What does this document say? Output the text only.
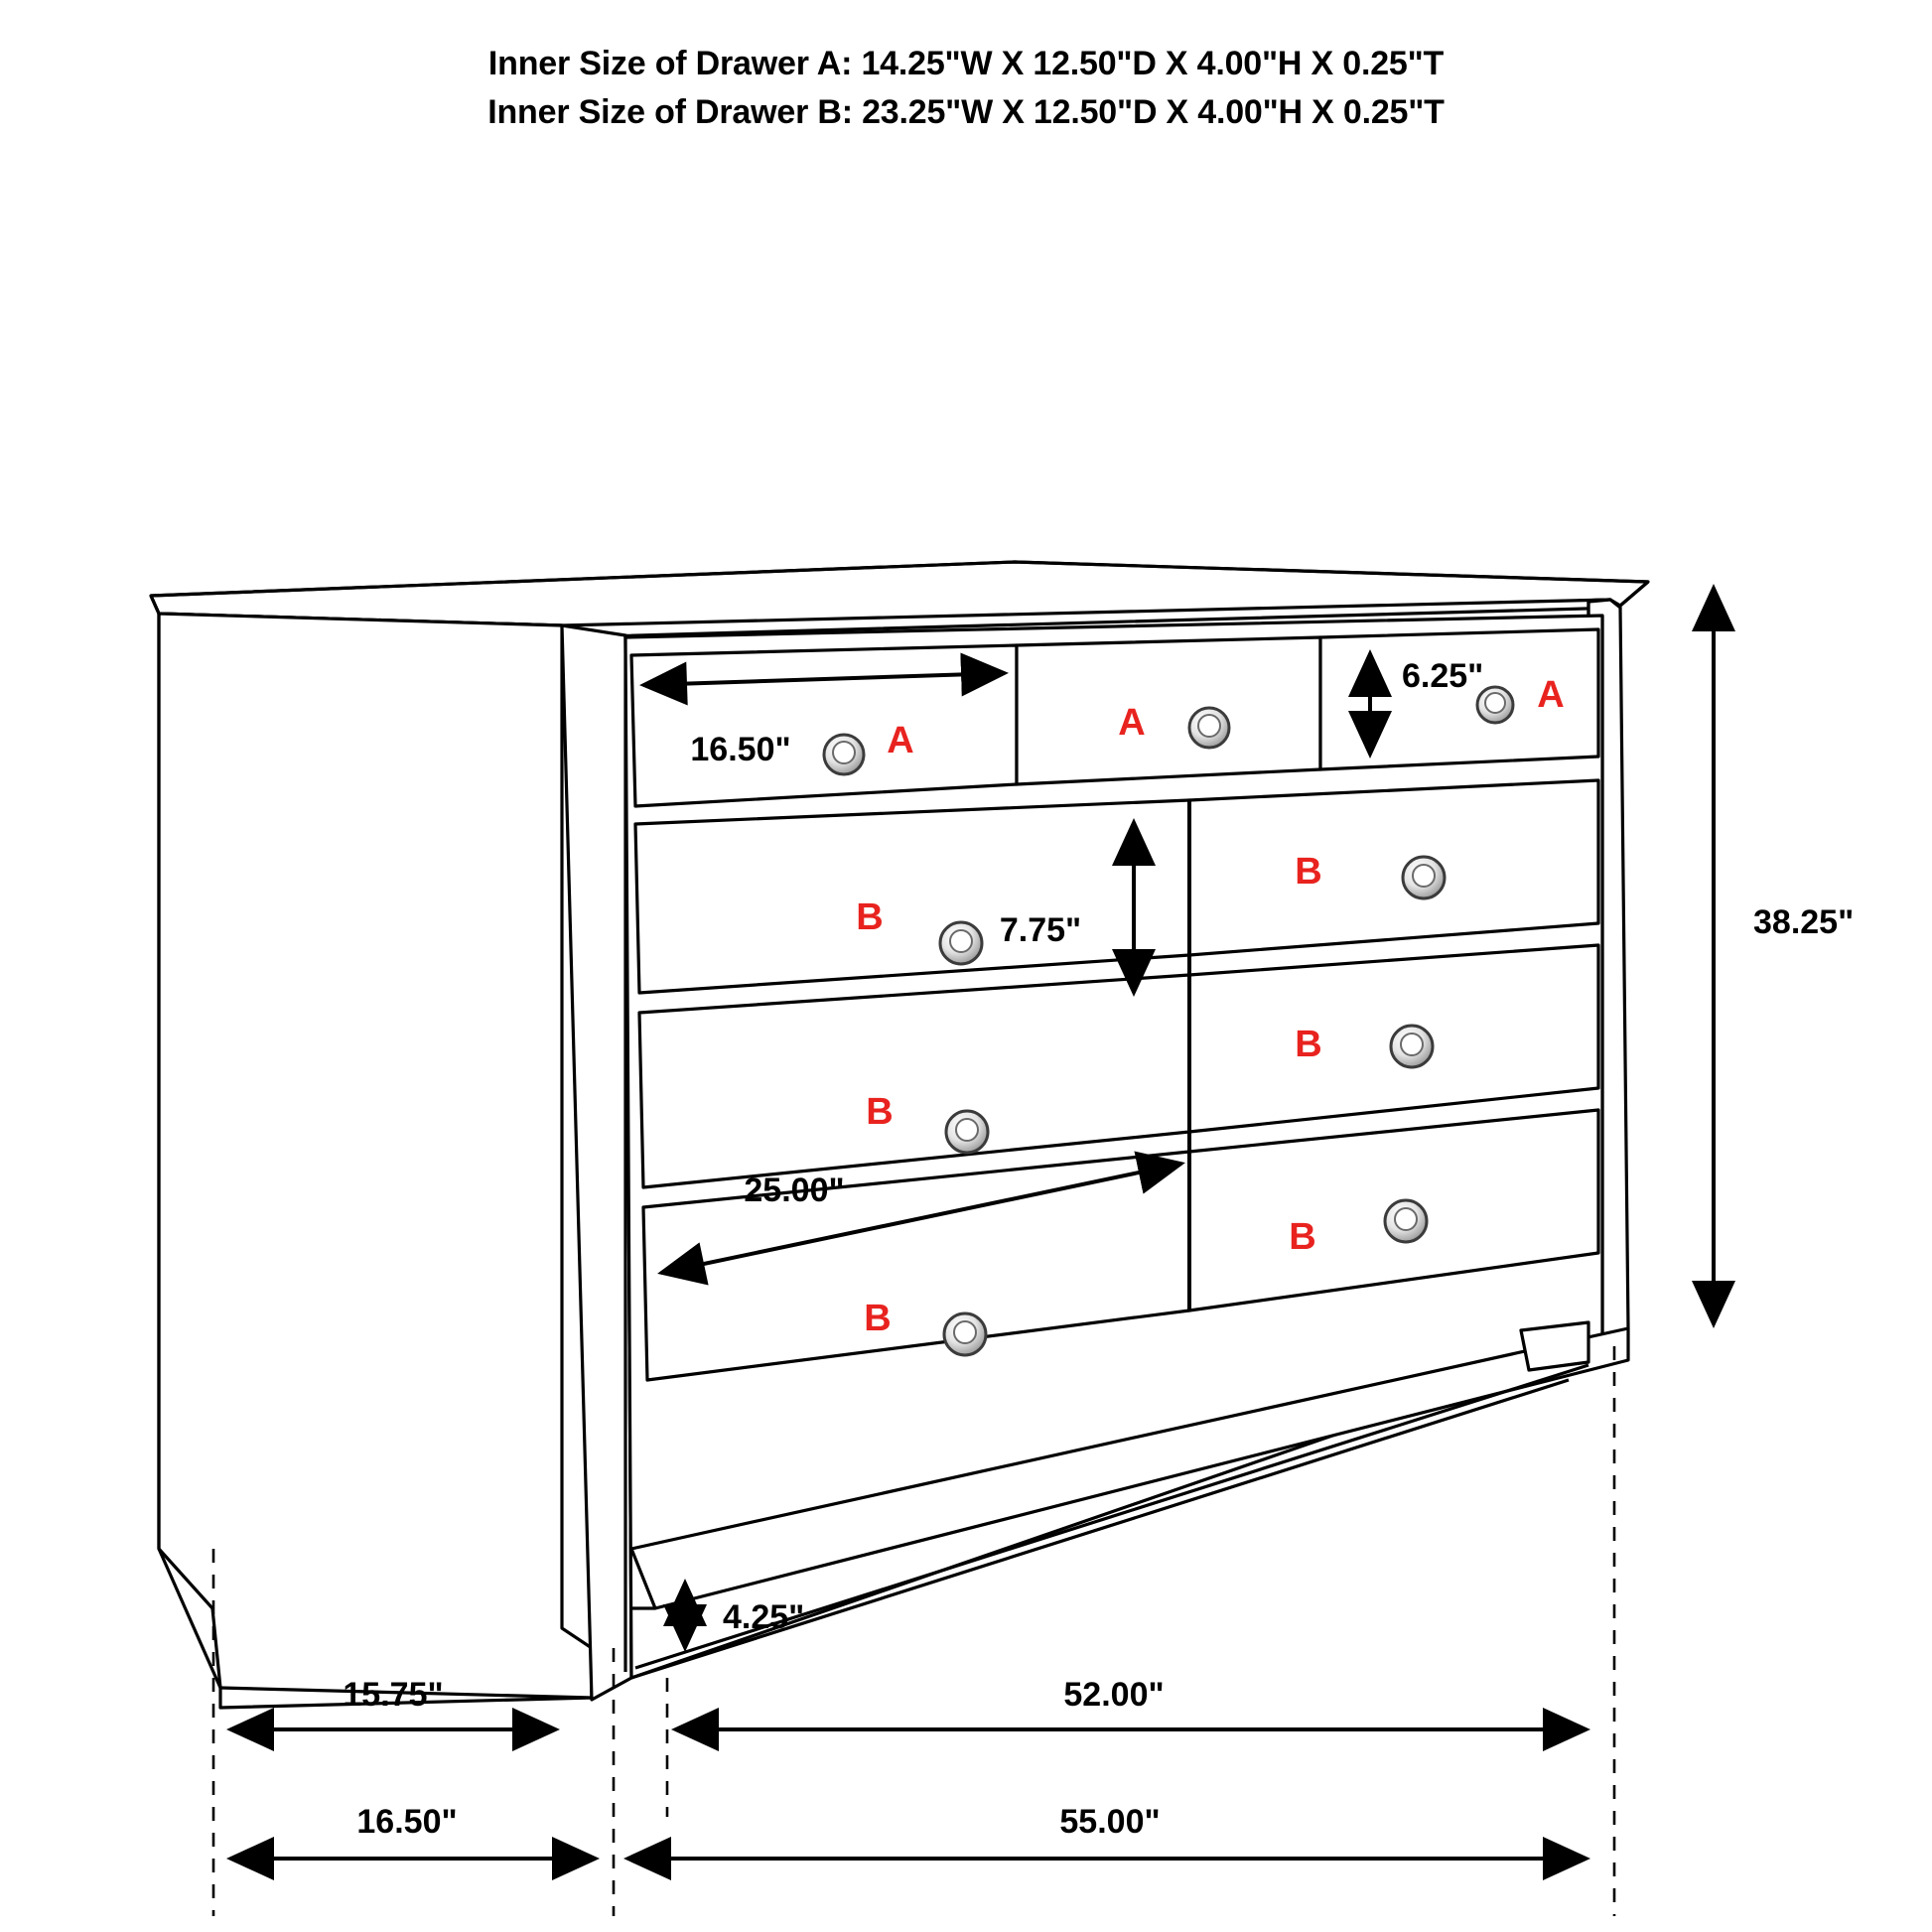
Inner Size of Drawer A: 14.25"W X 12.50"D X 4.00"H X 0.25"T
Inner Size of Drawer B: 23.25"W X 12.50"D X 4.00"H X 0.25"T
A	A
A
B
B
B
B
B
B
16.50"
6.25"
7.75"
25.00"
38.25"
4.25"
15.75"	52.00"
16.50"	55.00"
